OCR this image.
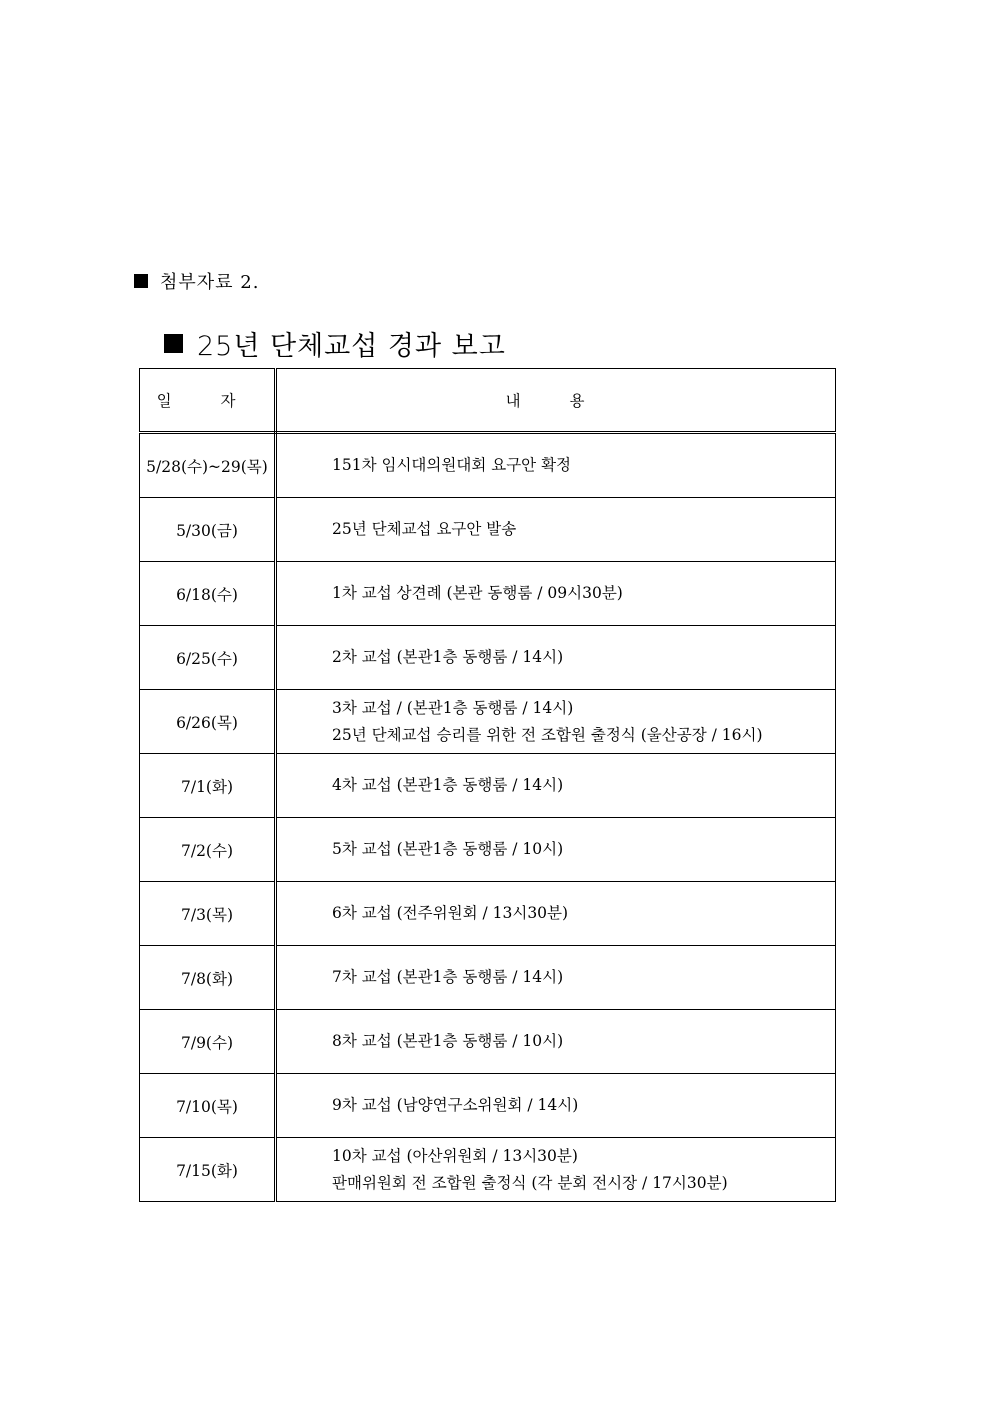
첨부자료 2.
25년 단체교섭 경과 보고
일 자	내 용
5/28(수)~29(목)	151차 임시대의원대회 요구안 확정

5/30(금)	25년 단체교섭 요구안 발송

6/18(수)	1차 교섭 상견례 (본관 동행룸 / 09시30분)

6/25(수)	2차 교섭 (본관1층 동행룸 / 14시)

6/26(목)	3차 교섭 / (본관1층 동행룸 / 14시)
25년 단체교섭 승리를 위한 전 조합원 출정식 (울산공장 / 16시)

7/1(화)	4차 교섭 (본관1층 동행룸 / 14시)

7/2(수)	5차 교섭 (본관1층 동행룸 / 10시)

7/3(목)	6차 교섭 (전주위원회 / 13시30분)

7/8(화)	7차 교섭 (본관1층 동행룸 / 14시)

7/9(수)	8차 교섭 (본관1층 동행룸 / 10시)

7/10(목)	9차 교섭 (남양연구소위원회 / 14시)

7/15(화)	10차 교섭 (아산위원회 / 13시30분)
판매위원회 전 조합원 출정식 (각 분회 전시장 / 17시30분)
